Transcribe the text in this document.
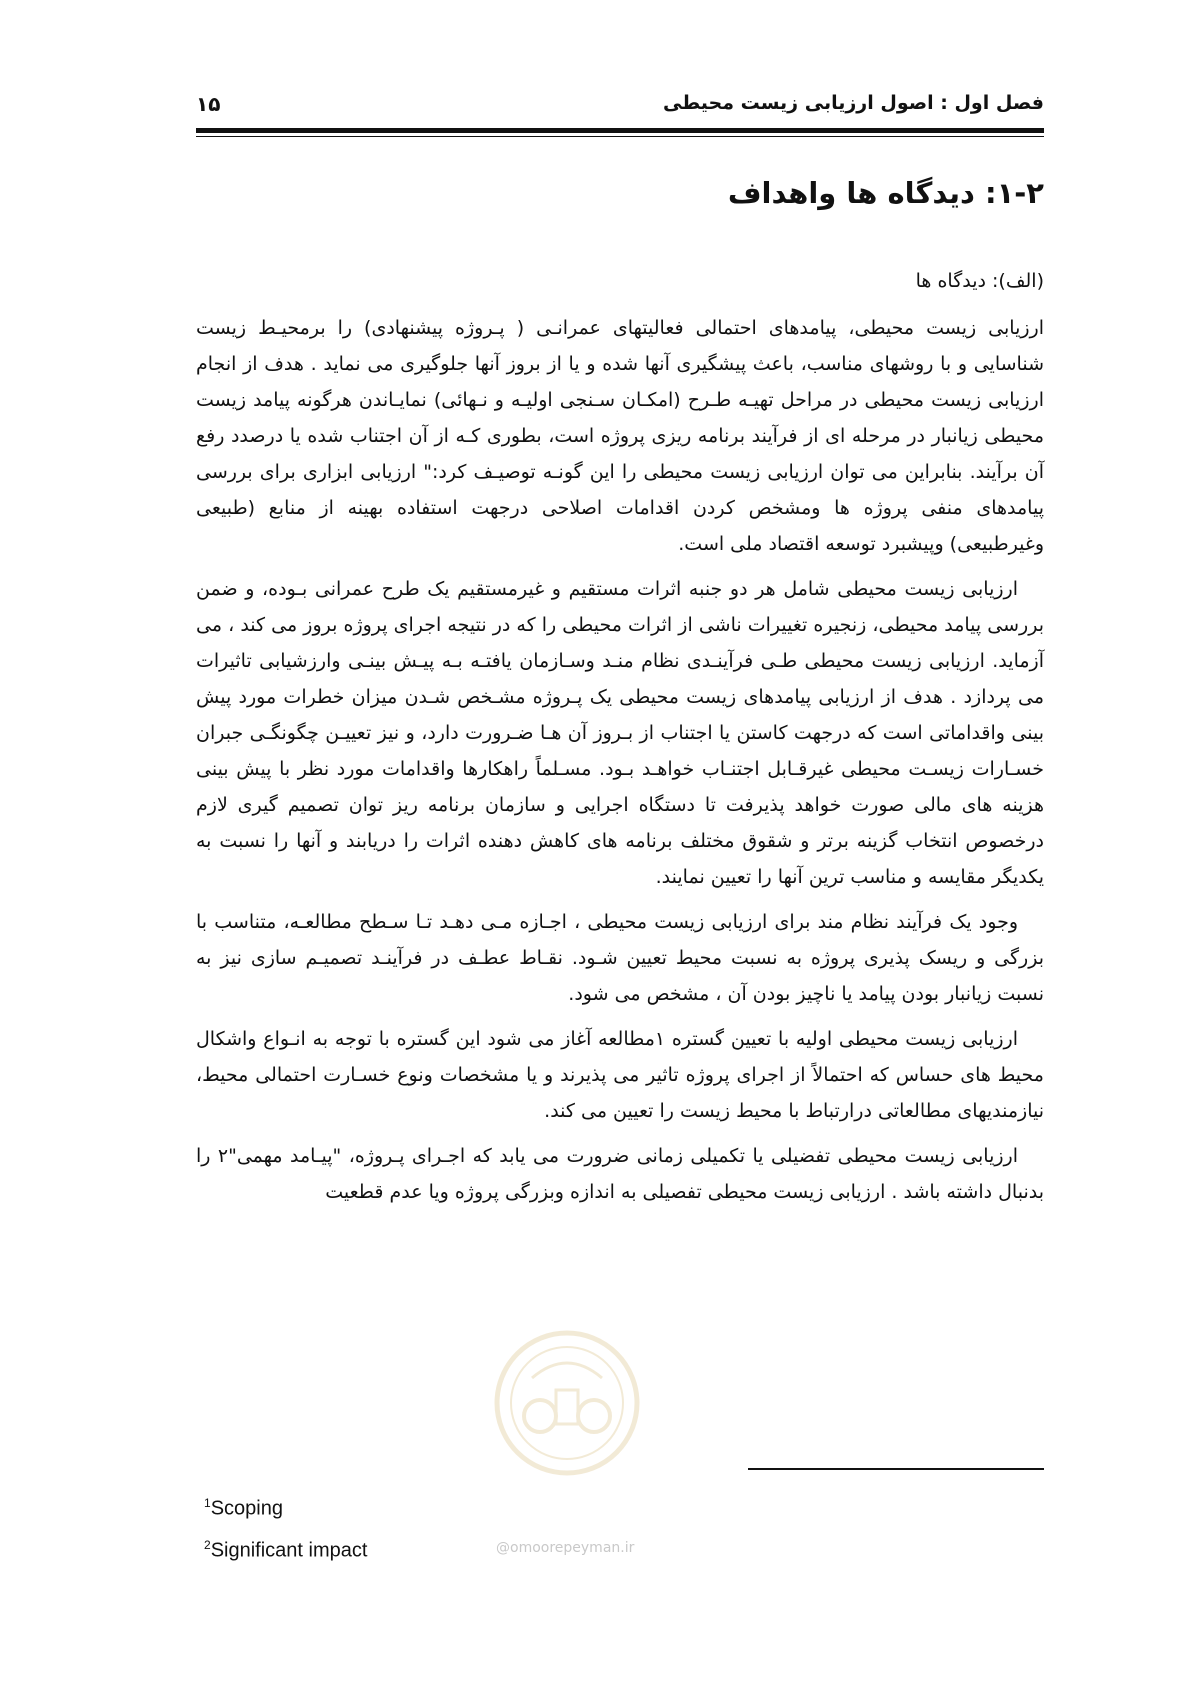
فصل اول : اصول ارزیابی زیست محیطی
۱۵
۱-۲: دیدگاه ها واهداف
(الف): دیدگاه ها

ارزیابی زیست محیطی، پیامدهای احتمالی فعالیتهای عمرانـی ( پـروژه پیشنهادی) را برمحیـط زیست شناسایی و با روشهای مناسب، باعث پیشگیری آنها شده و یا از بروز آنها جلوگیری می نماید . هدف از انجام ارزیابی زیست محیطی در مراحل تهیـه طـرح (امکـان سـنجی اولیـه و نـهائی) نمایـاندن هرگونه پیامد زیست محیطی زیانبار در مرحله ای از فرآیند برنامه ریزی پروژه است، بطوری کـه از آن اجتناب شده یا درصدد رفع آن برآیند. بنابراین می توان ارزیابی زیست محیطی را این گونـه توصیـف کرد:" ارزیابی ابزاری برای بررسی پیامدهای منفی پروژه ها ومشخص کردن اقدامات اصلاحی درجهت استفاده بهینه از منابع (طبیعی وغیرطبیعی) وپیشبرد توسعه اقتصاد ملی است.

ارزیابی زیست محیطی شامل هر دو جنبه اثرات مستقیم و غیرمستقیم یک طرح عمرانی بـوده، و ضمن بررسی پیامد محیطی، زنجیره تغییرات ناشی از اثرات محیطی را که در نتیجه اجرای پروژه بروز می کند ، می آزماید. ارزیابی زیست محیطی طـی فرآینـدی نظام منـد وسـازمان یافتـه بـه پیـش بینـی وارزشیابی تاثیرات می پردازد . هدف از ارزیابی پیامدهای زیست محیطی یک پـروژه مشـخص شـدن میزان خطرات مورد پیش بینی واقداماتی است که درجهت کاستن یا اجتناب از بـروز آن هـا ضـرورت دارد، و نیز تعییـن چگونگـی جبران خسـارات زیسـت محیطی غیرقـابل اجتنـاب خواهـد بـود. مسـلماً راهکارها واقدامات مورد نظر با پیش بینی هزینه های مالی صورت خواهد پذیرفت تا دستگاه اجرایی و سازمان برنامه ریز توان تصمیم گیری لازم درخصوص انتخاب گزینه برتر و شقوق مختلف برنامه های کاهش دهنده اثرات را دریابند و آنها را نسبت به یکدیگر مقایسه و مناسب ترین آنها را تعیین نمایند.

وجود یک فرآیند نظام مند برای ارزیابی زیست محیطی ، اجـازه مـی دهـد تـا سـطح مطالعـه، متناسب با بزرگی و ریسک پذیری پروژه به نسبت محیط تعیین شـود. نقـاط عطـف در فرآینـد تصمیـم سازی نیز به نسبت زیانبار بودن پیامد یا ناچیز بودن آن ، مشخص می شود.

ارزیابی زیست محیطی اولیه با تعیین گستره ۱مطالعه آغاز می شود این گستره با توجه به انـواع واشکال محیط های حساس که احتمالاً از اجرای پروژه تاثیر می پذیرند و یا مشخصات ونوع خسـارت احتمالی محیط، نیازمندیهای مطالعاتی درارتباط با محیط زیست را تعیین می کند.

ارزیابی زیست محیطی تفضیلی یا تکمیلی زمانی ضرورت می یابد که اجـرای پـروژه، "پیـامد مهمی"۲ را بدنبال داشته باشد . ارزیابی زیست محیطی تفصیلی به اندازه وبزرگی پروژه ویا عدم قطعیت

@omoorepeyman.ir
$^1$Scoping
$^2$Significant impact
